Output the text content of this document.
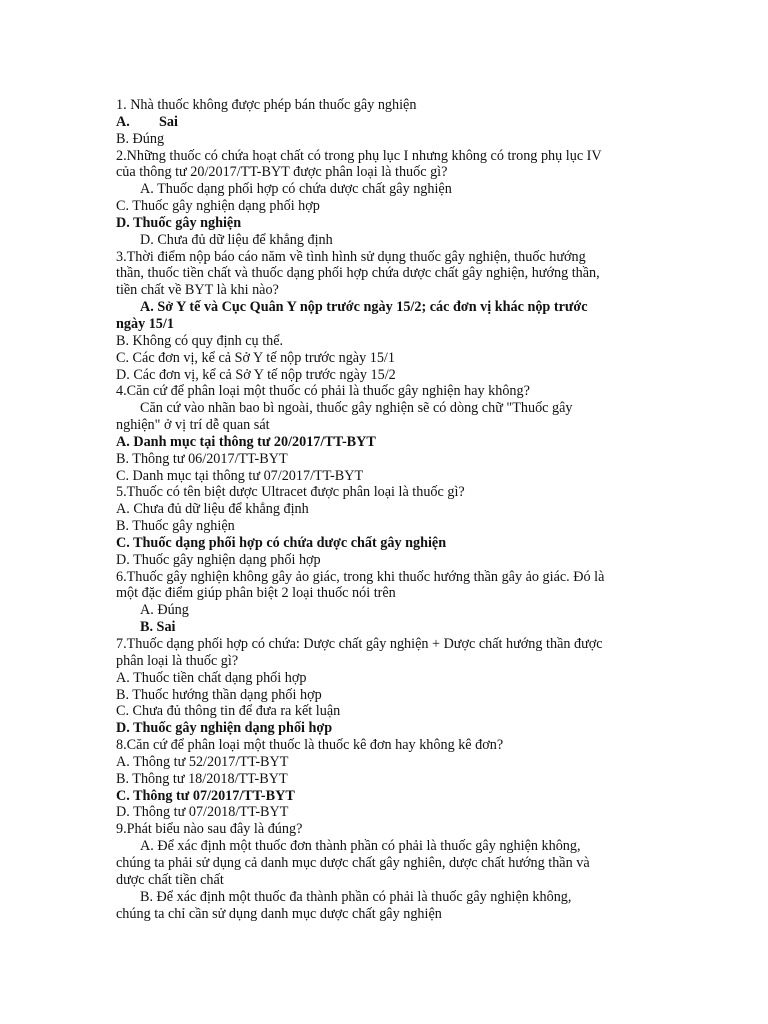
1. Nhà thuốc không được phép bán thuốc gây nghiện
A. Sai
B. Đúng
2.Những thuốc có chứa hoạt chất có trong phụ lục I nhưng không có trong phụ lục IV
của thông tư 20/2017/TT-BYT được phân loại là thuốc gì?
A. Thuốc dạng phối hợp có chứa dược chất gây nghiện
C. Thuốc gây nghiện dạng phối hợp
D. Thuốc gây nghiện
D. Chưa đủ dữ liệu để khẳng định
3.Thời điểm nộp báo cáo năm về tình hình sử dụng thuốc gây nghiện, thuốc hướng
thần, thuốc tiền chất và thuốc dạng phối hợp chứa dược chất gây nghiện, hướng thần,
tiền chất về BYT là khi nào?
A. Sở Y tế và Cục Quân Y nộp trước ngày 15/2; các đơn vị khác nộp trước
ngày 15/1
B. Không có quy định cụ thể.
C. Các đơn vị, kể cả Sở Y tế nộp trước ngày 15/1
D. Các đơn vị, kể cả Sở Y tế nộp trước ngày 15/2
4.Căn cứ để phân loại một thuốc có phải là thuốc gây nghiện hay không?
Căn cứ vào nhãn bao bì ngoài, thuốc gây nghiện sẽ có dòng chữ "Thuốc gây
nghiện" ở vị trí dễ quan sát
A. Danh mục tại thông tư 20/2017/TT-BYT
B. Thông tư 06/2017/TT-BYT
C. Danh mục tại thông tư 07/2017/TT-BYT
5.Thuốc có tên biệt dược Ultracet được phân loại là thuốc gì?
A. Chưa đủ dữ liệu để khẳng định
B. Thuốc gây nghiện
C. Thuốc dạng phối hợp có chứa dược chất gây nghiện
D. Thuốc gây nghiện dạng phối hợp
6.Thuốc gây nghiện không gây ảo giác, trong khi thuốc hướng thần gây ảo giác. Đó là
một đặc điểm giúp phân biệt 2 loại thuốc nói trên
A. Đúng
B. Sai
7.Thuốc dạng phối hợp có chứa: Dược chất gây nghiện + Dược chất hướng thần được
phân loại là thuốc gì?
A. Thuốc tiền chất dạng phối hợp
B. Thuốc hướng thần dạng phối hợp
C. Chưa đủ thông tin để đưa ra kết luận
D. Thuốc gây nghiện dạng phối hợp
8.Căn cứ để phân loại một thuốc là thuốc kê đơn hay không kê đơn?
A. Thông tư 52/2017/TT-BYT
B. Thông tư 18/2018/TT-BYT
C. Thông tư 07/2017/TT-BYT
D. Thông tư 07/2018/TT-BYT
9.Phát biểu nào sau đây là đúng?
A. Để xác định một thuốc đơn thành phần có phải là thuốc gây nghiện không,
chúng ta phải sử dụng cả danh mục dược chất gây nghiên, dược chất hướng thần và
dược chất tiền chất
B. Để xác định một thuốc đa thành phần có phải là thuốc gây nghiện không,
chúng ta chỉ cần sử dụng danh mục dược chất gây nghiện
